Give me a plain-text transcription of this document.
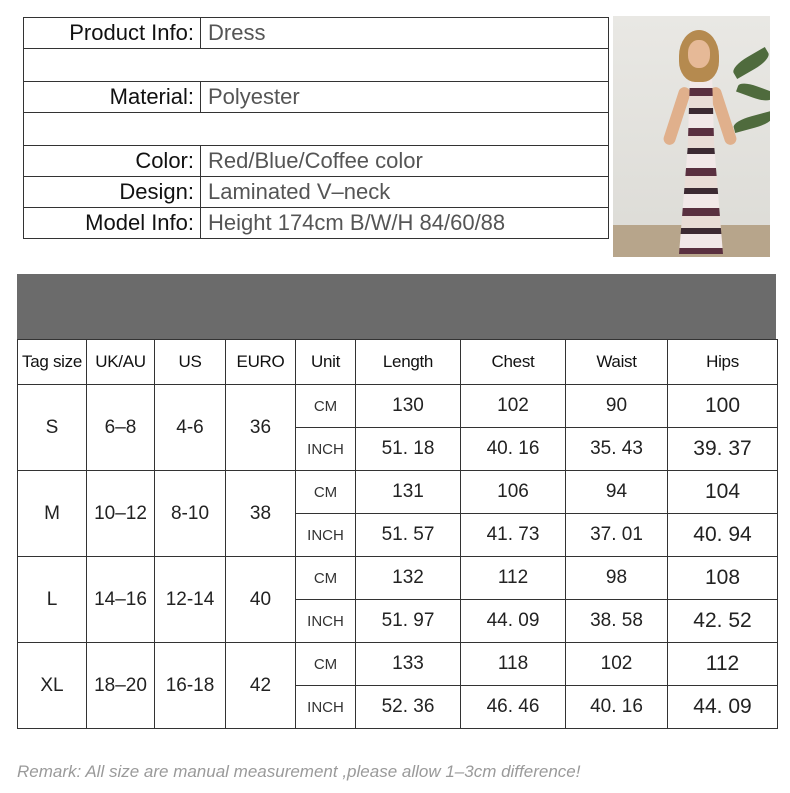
Product Info:	Dress

Material:	Polyester

Color:	Red/Blue/Coffee color
Design:	Laminated V–neck
Model Info:	Height 174cm B/W/H 84/60/88
Tag size	UK/AU	US	EURO	Unit	Length	Chest	Waist	Hips
S	6–8	4-6	36	CM	130	102	90	100
				INCH	51. 18	40. 16	35. 43	39. 37
M	10–12	8-10	38	CM	131	106	94	104
				INCH	51. 57	41. 73	37. 01	40. 94
L	14–16	12-14	40	CM	132	112	98	108
				INCH	51. 97	44. 09	38. 58	42. 52
XL	18–20	16-18	42	CM	133	118	102	112
				INCH	52. 36	46. 46	40. 16	44. 09
Remark: All size are manual measurement ,please allow 1–3cm difference!
